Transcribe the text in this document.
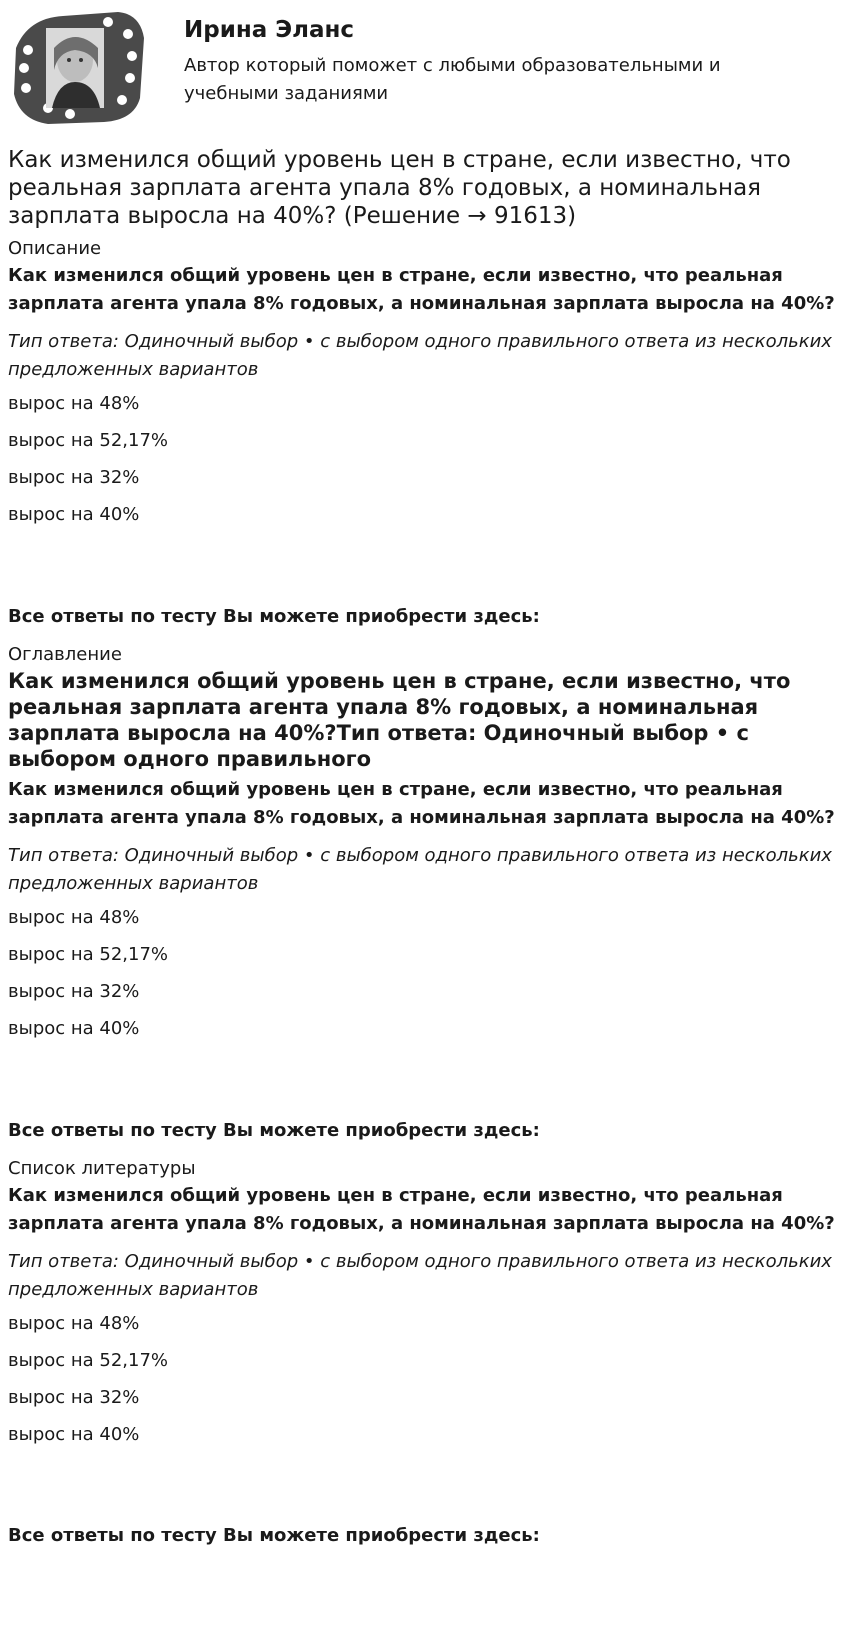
Ирина Эланс
Автор который поможет с любыми образовательными и учебными заданиями
Как изменился общий уровень цен в стране, если известно, что реальная зарплата агента упала 8% годовых, а номинальная зарплата выросла на 40%? (Решение → 91613)

Описание

Как изменился общий уровень цен в стране, если известно, что реальная зарплата агента упала 8% годовых, а номинальная зарплата выросла на 40%?

Тип ответа: Одиночный выбор • с выбором одного правильного ответа из нескольких предложенных вариантов

вырос на 48%
вырос на 52,17%
вырос на 32%
вырос на 40%

Все ответы по тесту Вы можете приобрести здесь:

Оглавление

Как изменился общий уровень цен в стране, если известно, что реальная зарплата агента упала 8% годовых, а номинальная зарплата выросла на 40%?Тип ответа: Одиночный выбор • с выбором одного правильного

Как изменился общий уровень цен в стране, если известно, что реальная зарплата агента упала 8% годовых, а номинальная зарплата выросла на 40%?

Тип ответа: Одиночный выбор • с выбором одного правильного ответа из нескольких предложенных вариантов

вырос на 48%
вырос на 52,17%
вырос на 32%
вырос на 40%

Все ответы по тесту Вы можете приобрести здесь:

Список литературы

Как изменился общий уровень цен в стране, если известно, что реальная зарплата агента упала 8% годовых, а номинальная зарплата выросла на 40%?

Тип ответа: Одиночный выбор • с выбором одного правильного ответа из нескольких предложенных вариантов

вырос на 48%
вырос на 52,17%
вырос на 32%
вырос на 40%

Все ответы по тесту Вы можете приобрести здесь:
